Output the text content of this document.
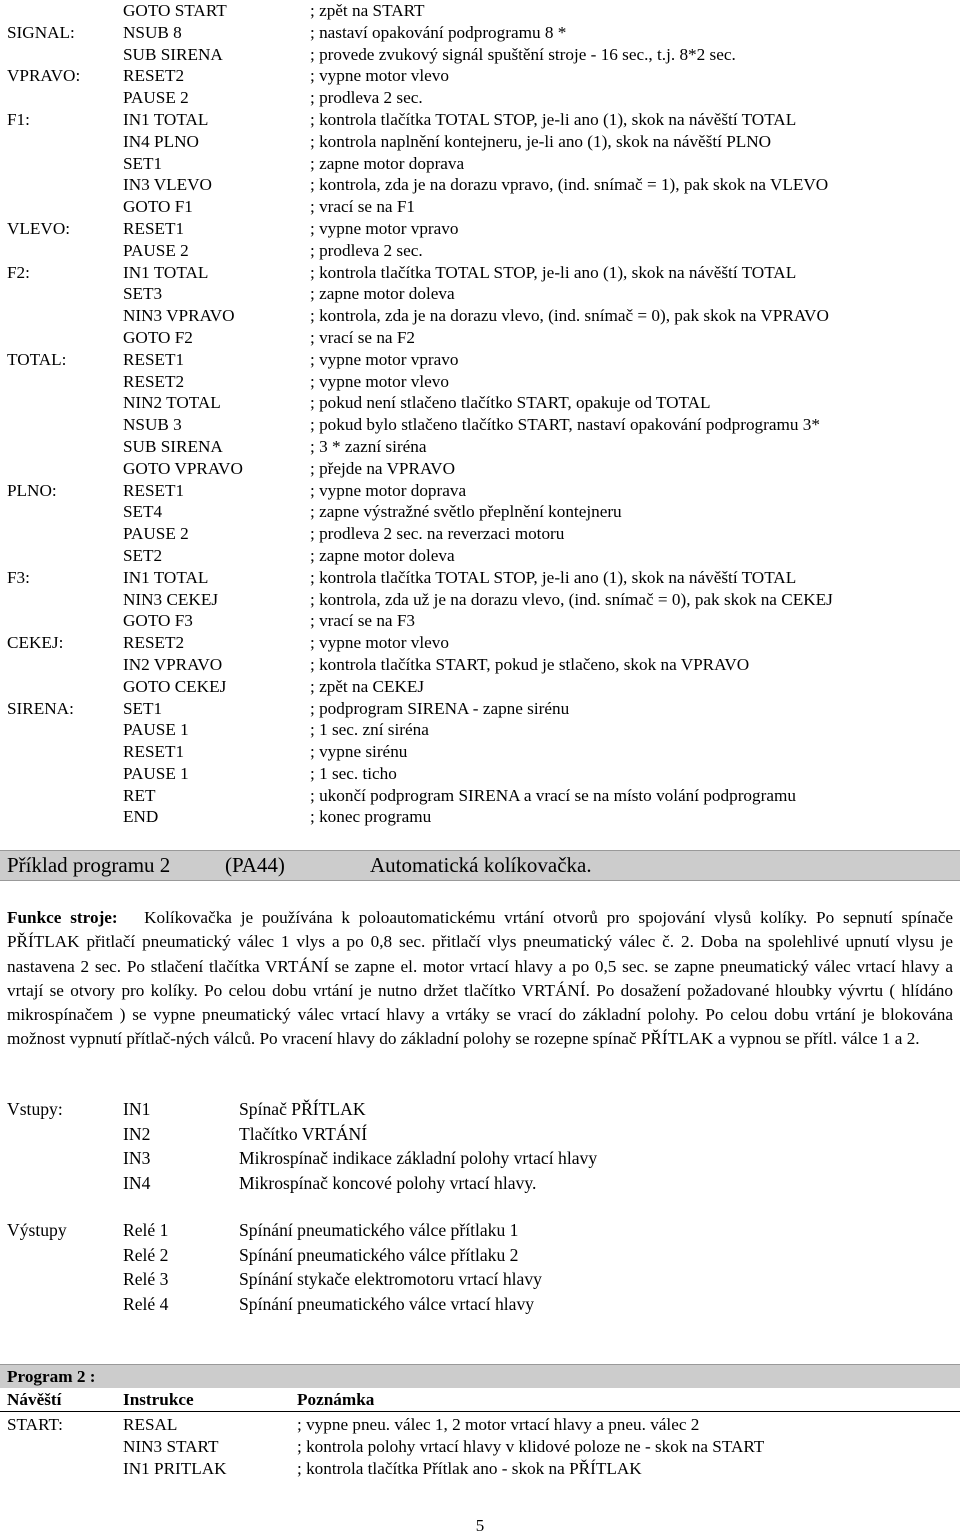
GOTO START	; zpět na START
SIGNAL:	NSUB 8	; nastaví opakování podprogramu 8 *
SUB SIRENA	; provede zvukový signál spuštění stroje - 16 sec., t.j. 8*2 sec.
VPRAVO: RESET2	; vypne motor vlevo
PAUSE 2	; prodleva 2 sec.
F1:	IN1 TOTAL	; kontrola tlačítka TOTAL STOP, je-li ano (1), skok na návěští TOTAL
IN4 PLNO	; kontrola naplnění kontejneru, je-li ano (1), skok na návěští PLNO
SET1	; zapne motor doprava
IN3 VLEVO	; kontrola, zda je na dorazu vpravo, (ind. snímač = 1), pak skok na VLEVO
GOTO F1	; vrací se na F1
VLEVO:	RESET1	; vypne motor vpravo
PAUSE 2	; prodleva 2 sec.
F2:	IN1 TOTAL	; kontrola tlačítka TOTAL STOP, je-li ano (1), skok na návěští TOTAL
SET3	; zapne motor doleva
NIN3 VPRAVO	; kontrola, zda je na dorazu vlevo, (ind. snímač = 0), pak skok na VPRAVO
GOTO F2	; vrací se na F2
TOTAL:	RESET1	; vypne motor vpravo
RESET2	; vypne motor vlevo
NIN2 TOTAL	; pokud není stlačeno tlačítko START, opakuje od TOTAL
NSUB 3	; pokud bylo stlačeno tlačítko START, nastaví opakování podprogramu 3*
SUB SIRENA	; 3 * zazní siréna
GOTO VPRAVO	; přejde na VPRAVO
PLNO:	RESET1	; vypne motor doprava
SET4	; zapne výstražné světlo přeplnění kontejneru
PAUSE 2	; prodleva 2 sec. na reverzaci motoru
SET2	; zapne motor doleva
F3:	IN1 TOTAL	; kontrola tlačítka TOTAL STOP, je-li ano (1), skok na návěští TOTAL
NIN3 CEKEJ	; kontrola, zda už je na dorazu vlevo, (ind. snímač = 0), pak skok na CEKEJ
GOTO F3	; vrací se na F3
CEKEJ:	RESET2	; vypne motor vlevo
IN2 VPRAVO	; kontrola tlačítka START, pokud je stlačeno, skok na VPRAVO
GOTO CEKEJ	; zpět na CEKEJ
SIRENA:	SET1	; podprogram SIRENA - zapne sirénu
PAUSE 1	; 1 sec. zní siréna
RESET1	; vypne sirénu
PAUSE 1	; 1 sec. ticho
RET	; ukončí podprogram SIRENA a vrací se na místo volání podprogramu
END	; konec programu
Příklad programu 2	(PA44)	Automatická kolíkovačka.
Funkce stroje: Kolíkovačka je používána k poloautomatickému vrtání otvorů pro spojování vlysů kolíky. Po sepnutí spínače PŘÍTLAK přitlačí pneumatický válec 1 vlys a po 0,8 sec. přitlačí vlys pneumatický válec č. 2. Doba na spolehlivé upnutí vlysu je nastavena 2 sec. Po stlačení tlačítka VRTÁNÍ se zapne el. motor vrtací hlavy a po 0,5 sec. se zapne pneumatický válec vrtací hlavy a vrtají se otvory pro kolíky. Po celou dobu vrtání je nutno držet tlačítko VRTÁNÍ. Po dosažení požadované hloubky vývrtu ( hlídáno mikrospínačem ) se vypne pneumatický válec vrtací hlavy a vrtáky se vrací do základní polohy. Po celou dobu vrtání je blokována možnost vypnutí přítlač-ných válců. Po vracení hlavy do základní polohy se rozepne spínač PŘÍTLAK a vypnou se přítl. válce 1 a 2.
Vstupy:	IN1	Spínač PŘÍTLAK
IN2	Tlačítko VRTÁNÍ
IN3	Mikrospínač indikace základní polohy vrtací hlavy
IN4	Mikrospínač koncové polohy vrtací hlavy.
Výstupy	Relé 1	Spínání pneumatického válce přítlaku 1
Relé 2	Spínání pneumatického válce přítlaku 2
Relé 3	Spínání stykače elektromotoru vrtací hlavy
Relé 4	Spínání pneumatického válce vrtací hlavy
Program 2 :
Návěští	Instrukce	Poznámka
START:	RESAL	; vypne pneu. válec 1, 2 motor vrtací hlavy a pneu. válec 2
NIN3 START	; kontrola polohy vrtací hlavy v klidové poloze ne - skok na START
IN1 PRITLAK	; kontrola tlačítka Přítlak ano - skok na PŘÍTLAK
5
